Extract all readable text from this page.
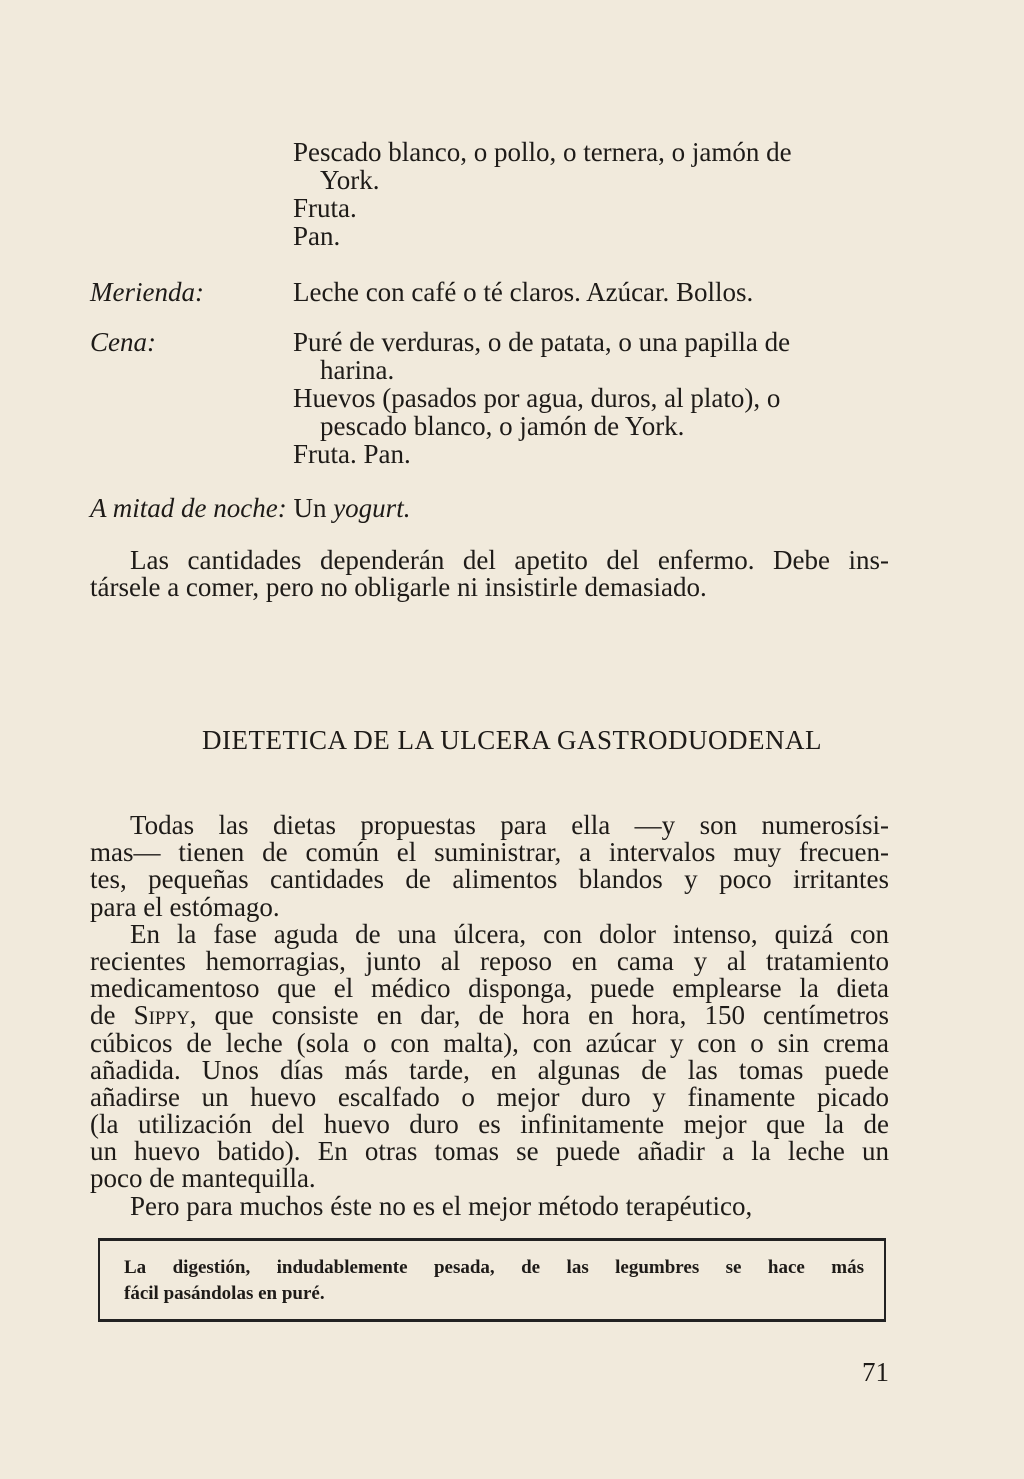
Pescado blanco, o pollo, o ternera, o jamón de
York.
Fruta.
Pan.
Merienda:	Leche con café o té claros. Azúcar. Bollos.
Cena:	Puré de verduras, o de patata, o una papilla de
harina.
Huevos (pasados por agua, duros, al plato), o
pescado blanco, o jamón de York.
Fruta. Pan.
A mitad de noche: Un yogurt.
Las cantidades dependerán del apetito del enfermo. Debe ins-
társele a comer, pero no obligarle ni insistirle demasiado.
DIETETICA DE LA ULCERA GASTRODUODENAL
Todas las dietas propuestas para ella —y son numerosísi-
mas— tienen de común el suministrar, a intervalos muy frecuen-
tes, pequeñas cantidades de alimentos blandos y poco irritantes
para el estómago.
En la fase aguda de una úlcera, con dolor intenso, quizá con
recientes hemorragias, junto al reposo en cama y al tratamiento
medicamentoso que el médico disponga, puede emplearse la dieta
de Sippy, que consiste en dar, de hora en hora, 150 centímetros
cúbicos de leche (sola o con malta), con azúcar y con o sin crema
añadida. Unos días más tarde, en algunas de las tomas puede
añadirse un huevo escalfado o mejor duro y finamente picado
(la utilización del huevo duro es infinitamente mejor que la de
un huevo batido). En otras tomas se puede añadir a la leche un
poco de mantequilla.
Pero para muchos éste no es el mejor método terapéutico,
La digestión, indudablemente pesada, de las legumbres se hace más
fácil pasándolas en puré.
71
